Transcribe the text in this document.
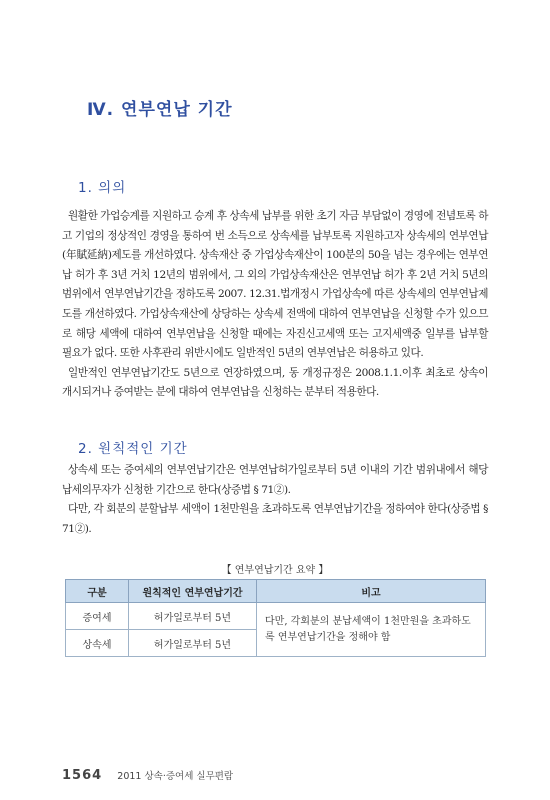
Ⅳ. 연부연납 기간
1. 의의
원활한 가업승계를 지원하고 승계 후 상속세 납부를 위한 초기 자금 부담없이 경영에 전념토록 하고 기업의 정상적인 경영을 통하여 번 소득으로 상속세를 납부토록 지원하고자 상속세의 연부연납(年賦延納)제도를 개선하였다. 상속재산 중 가업상속재산이 100분의 50을 넘는 경우에는 연부연납 허가 후 3년 거치 12년의 범위에서, 그 외의 가업상속재산은 연부연납 허가 후 2년 거치 5년의 범위에서 연부연납기간을 정하도록 2007. 12.31.법개정시 가업상속에 따른 상속세의 연부연납제도를 개선하였다. 가업상속재산에 상당하는 상속세 전액에 대하여 연부연납을 신청할 수가 있으므로 해당 세액에 대하여 연부연납을 신청할 때에는 자진신고세액 또는 고지세액중 일부를 납부할 필요가 없다. 또한 사후관리 위반시에도 일반적인 5년의 연부연납은 허용하고 있다.
일반적인 연부연납기간도 5년으로 연장하였으며, 동 개정규정은 2008.1.1.이후 최초로 상속이 개시되거나 증여받는 분에 대하여 연부연납을 신청하는 분부터 적용한다.
2. 원칙적인 기간
상속세 또는 증여세의 연부연납기간은 연부연납허가일로부터 5년 이내의 기간 범위내에서 해당 납세의무자가 신청한 기간으로 한다(상증법 § 71②).
다만, 각 회분의 분할납부 세액이 1천만원을 초과하도록 연부연납기간을 정하여야 한다(상증법 § 71②).
【 연부연납기간 요약 】
구분	원칙적인 연부연납기간	비고
증여세	허가일로부터 5년	다만, 각회분의 분납세액이 1천만원을 초과하도록 연부연납기간을 정해야 함
상속세	허가일로부터 5년	
1564 2011 상속·증여세 실무편람
